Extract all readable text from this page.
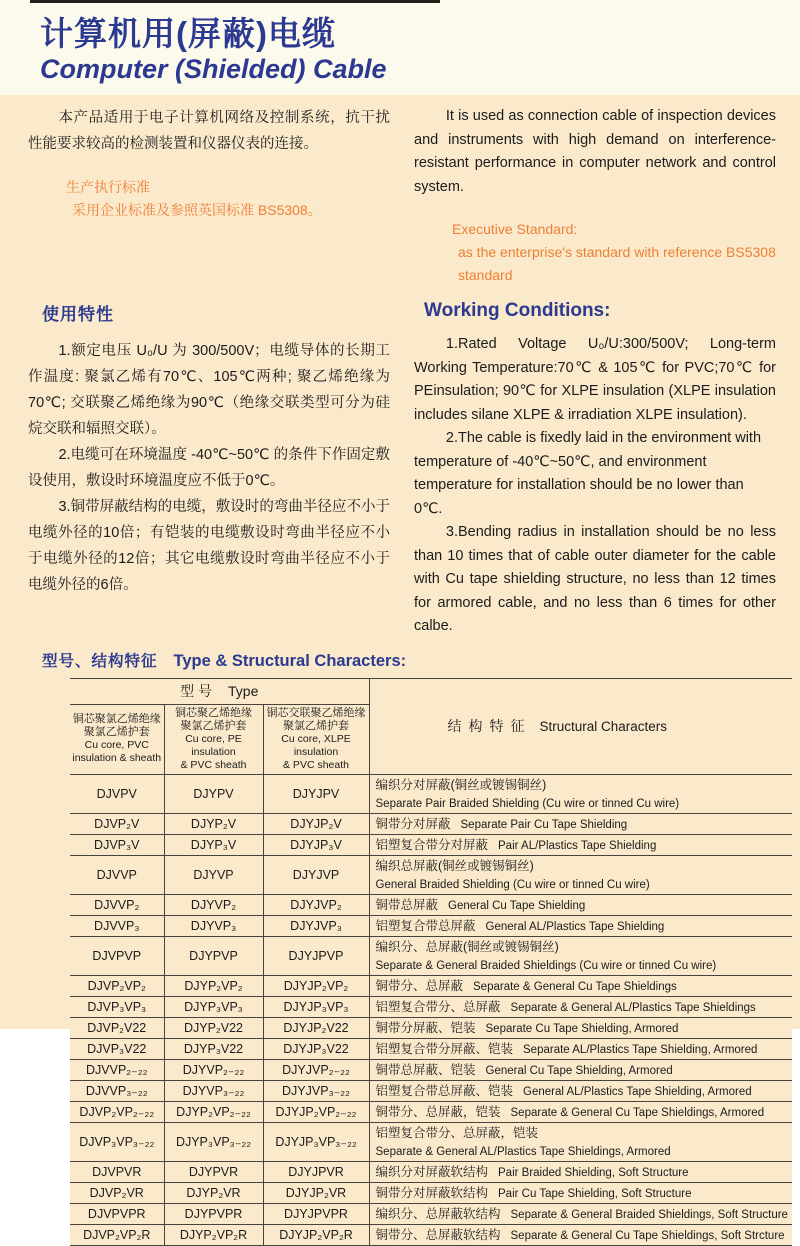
计算机用(屏蔽)电缆
Computer (Shielded) Cable

本产品适用于电子计算机网络及控制系统，抗干扰性能要求较高的检测装置和仪器仪表的连接。

生产执行标准

采用企业标准及参照英国标准 BS5308。

It is used as connection cable of inspection devices and instruments with high demand on interference-resistant performance in computer network and control system.

Executive Standard:

as the enterprise's standard with reference BS5308 standard

使用特性

1.额定电压 U₀/U 为 300/500V；电缆导体的长期工作温度: 聚氯乙烯有70℃、105℃两种; 聚乙烯绝缘为70℃; 交联聚乙烯绝缘为90℃（绝缘交联类型可分为硅烷交联和辐照交联）。

2.电缆可在环境温度 -40℃~50℃ 的条件下作固定敷设使用，敷设时环境温度应不低于0℃。

3.铜带屏蔽结构的电缆，敷设时的弯曲半径应不小于电缆外径的10倍；有铠装的电缆敷设时弯曲半径应不小于电缆外径的12倍；其它电缆敷设时弯曲半径应不小于电缆外径的6倍。

Working Conditions:

1.Rated Voltage U₀/U:300/500V; Long-term Working Temperature:70℃ & 105℃ for PVC;70℃ for PEinsulation; 90℃ for XLPE insulation (XLPE insulation includes silane XLPE & irradiation XLPE insulation).

2.The cable is fixedly laid in the environment with temperature of -40℃~50℃, and environment temperature for installation should be no lower than 0℃.

3.Bending radius in installation should be no less than 10 times that of cable outer diameter for the cable with Cu tape shielding structure, no less than 12 times for armored cable, and no less than 6 times for other calbe.

型号、结构特征 Type & Structural Characters:
型 号 Type			结构特征 Structural Characters

铜芯聚氯乙烯绝缘
聚氯乙烯护套
Cu core, PVC
insulation & sheath	铜芯聚乙烯绝缘
聚氯乙烯护套
Cu core, PE insulation
& PVC sheath	铜芯交联聚乙烯绝缘
聚氯乙烯护套
Cu core, XLPE insulation
& PVC sheath	

DJVPV	DJYPV	DJYJPV	编织分对屏蔽(铜丝或镀锡铜丝)
Separate Pair Braided Shielding (Cu wire or tinned Cu wire)
DJVP₂V	DJYP₂V	DJYJP₂V	铜带分对屏蔽 Separate Pair Cu Tape Shielding
DJVP₃V	DJYP₃V	DJYJP₃V	铝塑复合带分对屏蔽 Pair AL/Plastics Tape Shielding
DJVVP	DJYVP	DJYJVP	编织总屏蔽(铜丝或镀锡铜丝)
General Braided Shielding (Cu wire or tinned Cu wire)
DJVVP₂	DJYVP₂	DJYJVP₂	铜带总屏蔽 General Cu Tape Shielding
DJVVP₃	DJYVP₃	DJYJVP₃	铝塑复合带总屏蔽 General AL/Plastics Tape Shielding
DJVPVP	DJYPVP	DJYJPVP	编织分、总屏蔽(铜丝或镀锡铜丝)
Separate & General Braided Shieldings (Cu wire or tinned Cu wire)
DJVP₂VP₂	DJYP₂VP₂	DJYJP₂VP₂	铜带分、总屏蔽 Separate & General Cu Tape Shieldings
DJVP₃VP₃	DJYP₃VP₃	DJYJP₃VP₃	铝塑复合带分、总屏蔽 Separate & General AL/Plastics Tape Shieldings
DJVP₂V22	DJYP₂V22	DJYJP₂V22	铜带分屏蔽、铠装 Separate Cu Tape Shielding, Armored
DJVP₃V22	DJYP₃V22	DJYJP₃V22	铝塑复合带分屏蔽、铠装 Separate AL/Plastics Tape Shielding, Armored
DJVVP₂₋₂₂	DJYVP₂₋₂₂	DJYJVP₂₋₂₂	铜带总屏蔽、铠装 General Cu Tape Shielding, Armored
DJVVP₃₋₂₂	DJYVP₃₋₂₂	DJYJVP₃₋₂₂	铝塑复合带总屏蔽、铠装 General AL/Plastics Tape Shielding, Armored
DJVP₂VP₂₋₂₂	DJYP₂VP₂₋₂₂	DJYJP₂VP₂₋₂₂	铜带分、总屏蔽，铠装 Separate & General Cu Tape Shieldings, Armored
DJVP₃VP₃₋₂₂	DJYP₃VP₃₋₂₂	DJYJP₃VP₃₋₂₂	铝塑复合带分、总屏蔽，铠装
Separate & General AL/Plastics Tape Shieldings, Armored
DJVPVR	DJYPVR	DJYJPVR	编织分对屏蔽软结构 Pair Braided Shielding, Soft Structure
DJVP₂VR	DJYP₂VR	DJYJP₂VR	铜带分对屏蔽软结构 Pair Cu Tape Shielding, Soft Structure
DJVPVPR	DJYPVPR	DJYJPVPR	编织分、总屏蔽软结构 Separate & General Braided Shieldings, Soft Structure
DJVP₂VP₂R	DJYP₂VP₂R	DJYJP₂VP₂R	铜带分、总屏蔽软结构 Separate & General Cu Tape Shieldings, Soft Strcture
